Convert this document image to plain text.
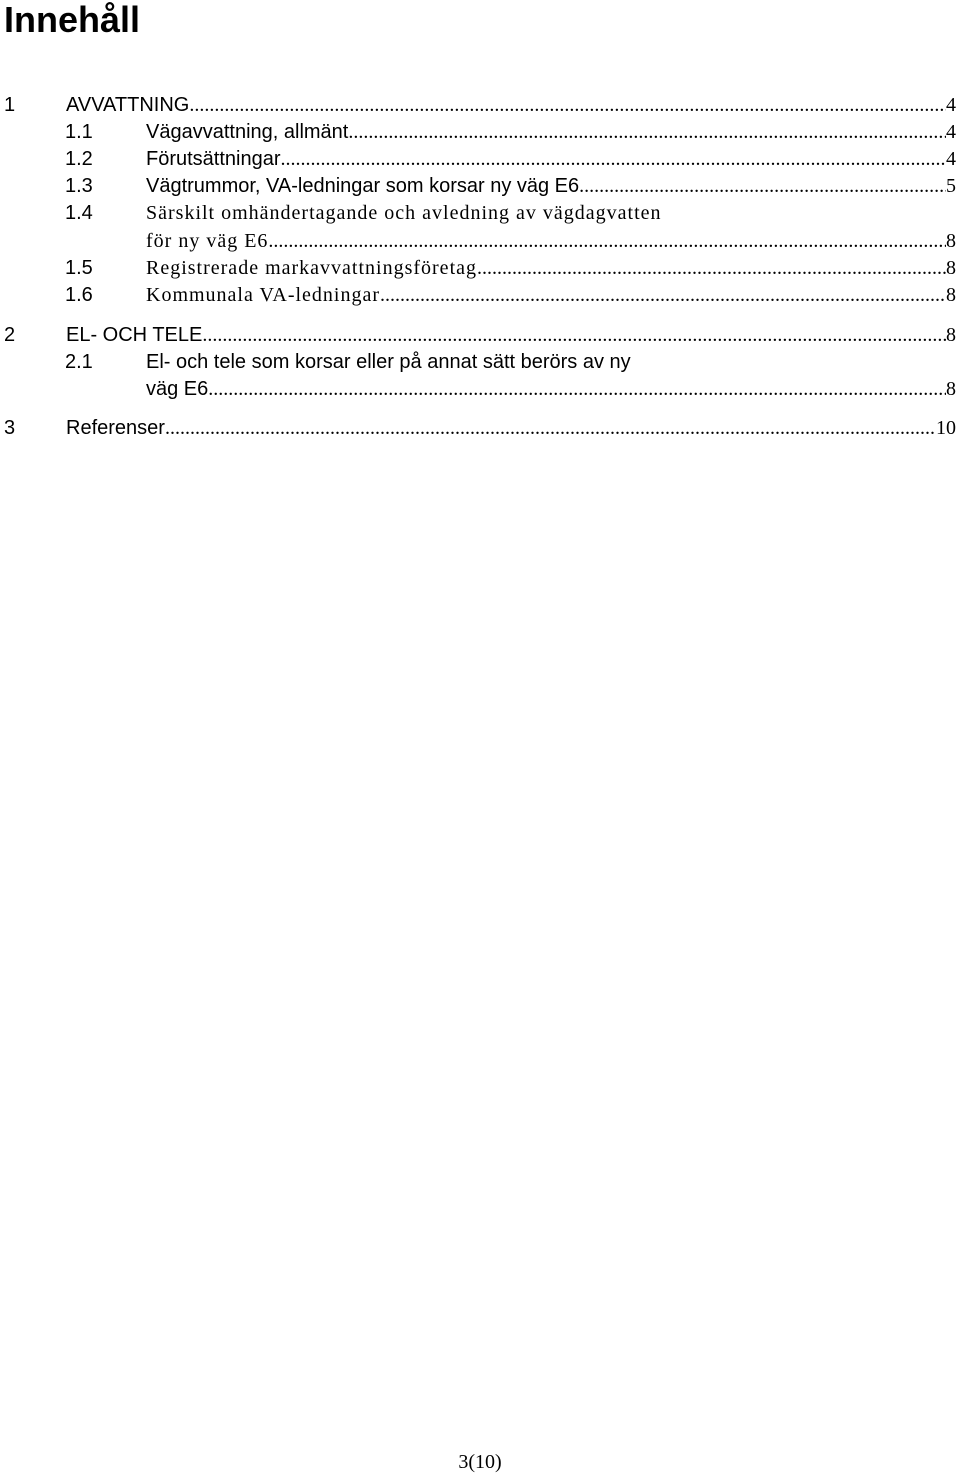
Innehåll
1	AVVATTNING .....	4
1.1	Vägavvattning, allmänt .....	4
1.2	Förutsättningar .....	4
1.3	Vägtrummor, VA-ledningar som korsar ny väg E6 .....	5
1.4	Särskilt omhändertagande och avledning av vägdagvatten
för ny väg E6 .....	8
1.5	Registrerade markavvattningsföretag .....	8
1.6	Kommunala VA-ledningar .....	8
2	EL- OCH TELE .....	8
2.1	El- och tele som korsar eller på annat sätt berörs av ny
väg E6 .....	8
3	Referenser .....	10
3(10)
